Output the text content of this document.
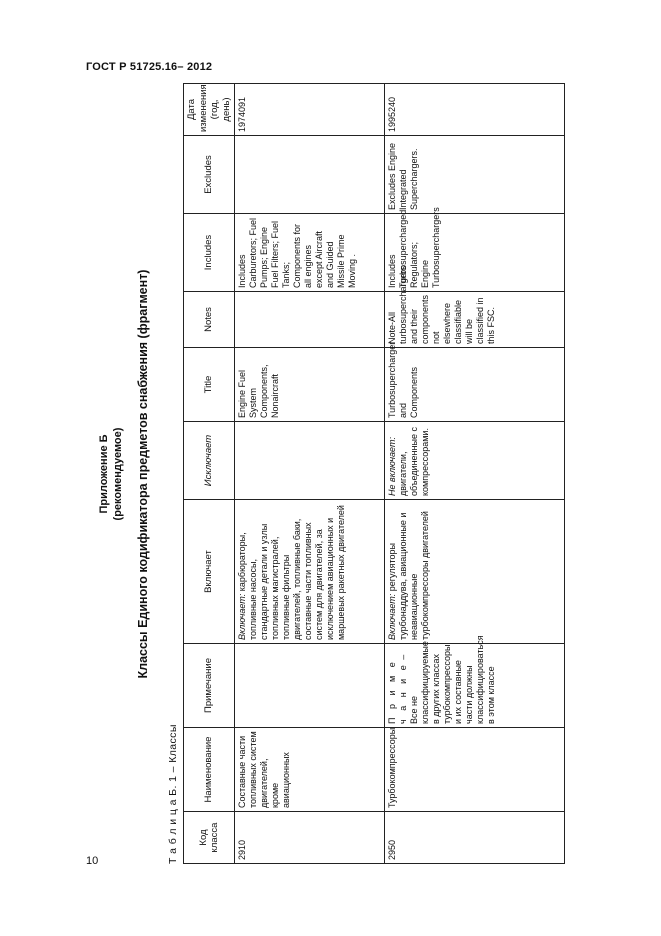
ГОСТ Р 51725.16– 2012
10
Приложение Б (рекомендуемое) Классы Единого кодификатора предметов снабжения (фрагмент)
Т а б л и ц а Б. 1 – Классы
Код класса	Наименование	Примечание	Включает	Исключает	Title	Notes	Includes	Excludes	Дата изменения (год, день)
2910	Составные части топливных систем двигателей, кроме авиационных		Включает: карбюраторы, топливные насосы, стандартные детали и узлы топливных магистралей, топливные фильтры двигателей, топливные баки, составные части топливных систем для двигателей, за исключением авиационных и маршевых ракетных двигателей		Engine Fuel System Components, Nonaircraft		Includes Carburetors; Fuel Pumps; Engine Fuel Filters; Fuel Tanks; Components for all engines except Aircraft and Guided Missile Prime Moving .		1974091
2950	Турбокомпрессоры	П р и м е ч а н и е – Все не классифицируемые в других классах турбокомпрессоры и их составные части должны классифицироваться в этом классе	Включает: регуляторы турбонаддува, авиационные и неавиационные турбокомпрессоры двигателей	Не включает: двигатели, объединенные с компрессорами.	Turbosupercharger and Components	Note-All turbosuperchargers and their components not elsewhere classifiable will be classified in this FSC.	Includes Turbosupercharged Regulators; Engine Turbosuperchargers	Excludes Engine Integrated Superchargers.	1995240
